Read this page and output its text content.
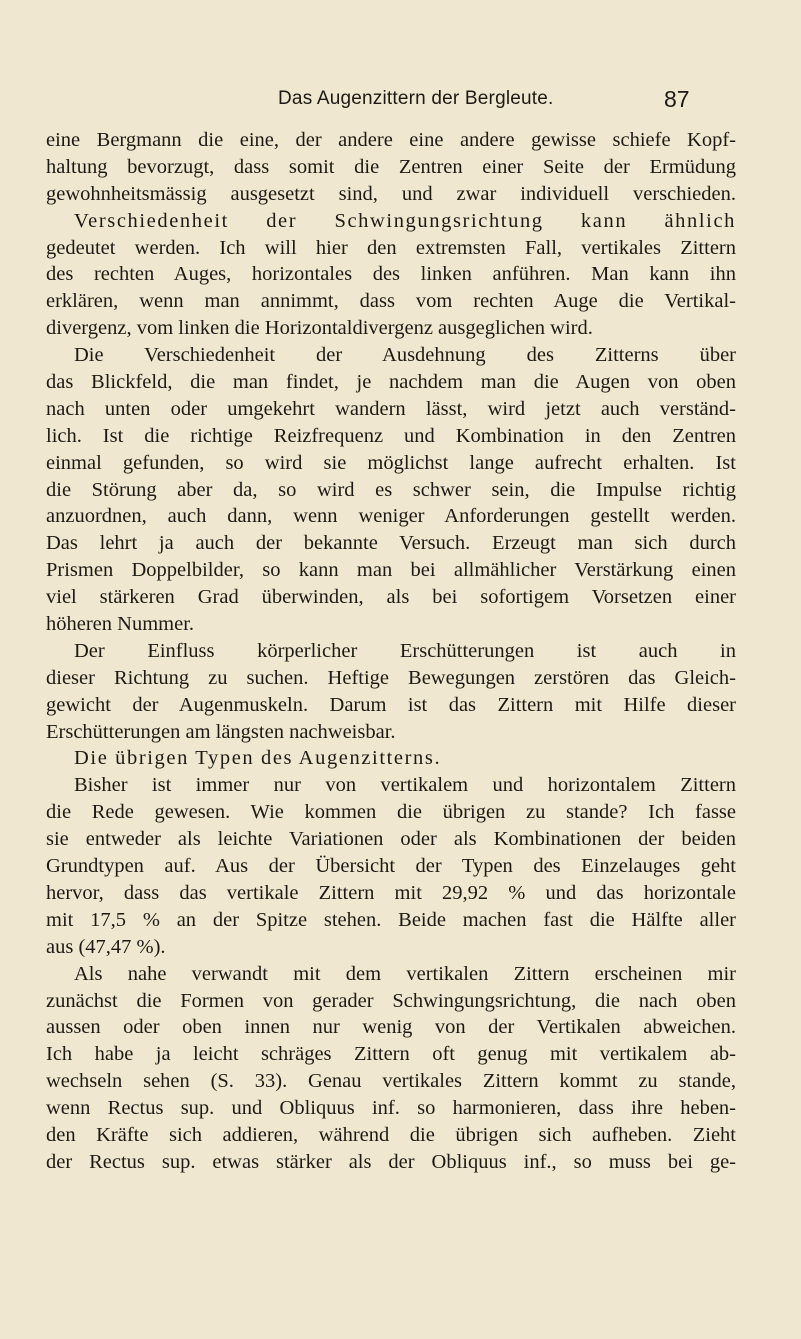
Das Augenzittern der Bergleute.	87
eine Bergmann die eine, der andere eine andere gewisse schiefe Kopf-
haltung bevorzugt, dass somit die Zentren einer Seite der Ermüdung
gewohnheitsmässig ausgesetzt sind, und zwar individuell verschieden.
Verschiedenheit der Schwingungsrichtung kann ähnlich
gedeutet werden. Ich will hier den extremsten Fall, vertikales Zittern
des rechten Auges, horizontales des linken anführen. Man kann ihn
erklären, wenn man annimmt, dass vom rechten Auge die Vertikal-
divergenz, vom linken die Horizontaldivergenz ausgeglichen wird.
Die Verschiedenheit der Ausdehnung des Zitterns über
das Blickfeld, die man findet, je nachdem man die Augen von oben
nach unten oder umgekehrt wandern lässt, wird jetzt auch verständ-
lich. Ist die richtige Reizfrequenz und Kombination in den Zentren
einmal gefunden, so wird sie möglichst lange aufrecht erhalten. Ist
die Störung aber da, so wird es schwer sein, die Impulse richtig
anzuordnen, auch dann, wenn weniger Anforderungen gestellt werden.
Das lehrt ja auch der bekannte Versuch. Erzeugt man sich durch
Prismen Doppelbilder, so kann man bei allmählicher Verstärkung einen
viel stärkeren Grad überwinden, als bei sofortigem Vorsetzen einer
höheren Nummer.
Der Einfluss körperlicher Erschütterungen ist auch in
dieser Richtung zu suchen. Heftige Bewegungen zerstören das Gleich-
gewicht der Augenmuskeln. Darum ist das Zittern mit Hilfe dieser
Erschütterungen am längsten nachweisbar.
Die übrigen Typen des Augenzitterns.
Bisher ist immer nur von vertikalem und horizontalem Zittern
die Rede gewesen. Wie kommen die übrigen zu stande? Ich fasse
sie entweder als leichte Variationen oder als Kombinationen der beiden
Grundtypen auf. Aus der Übersicht der Typen des Einzelauges geht
hervor, dass das vertikale Zittern mit 29,92 % und das horizontale
mit 17,5 % an der Spitze stehen. Beide machen fast die Hälfte aller
aus (47,47 %).
Als nahe verwandt mit dem vertikalen Zittern erscheinen mir
zunächst die Formen von gerader Schwingungsrichtung, die nach oben
aussen oder oben innen nur wenig von der Vertikalen abweichen.
Ich habe ja leicht schräges Zittern oft genug mit vertikalem ab-
wechseln sehen (S. 33). Genau vertikales Zittern kommt zu stande,
wenn Rectus sup. und Obliquus inf. so harmonieren, dass ihre heben-
den Kräfte sich addieren, während die übrigen sich aufheben. Zieht
der Rectus sup. etwas stärker als der Obliquus inf., so muss bei ge-
